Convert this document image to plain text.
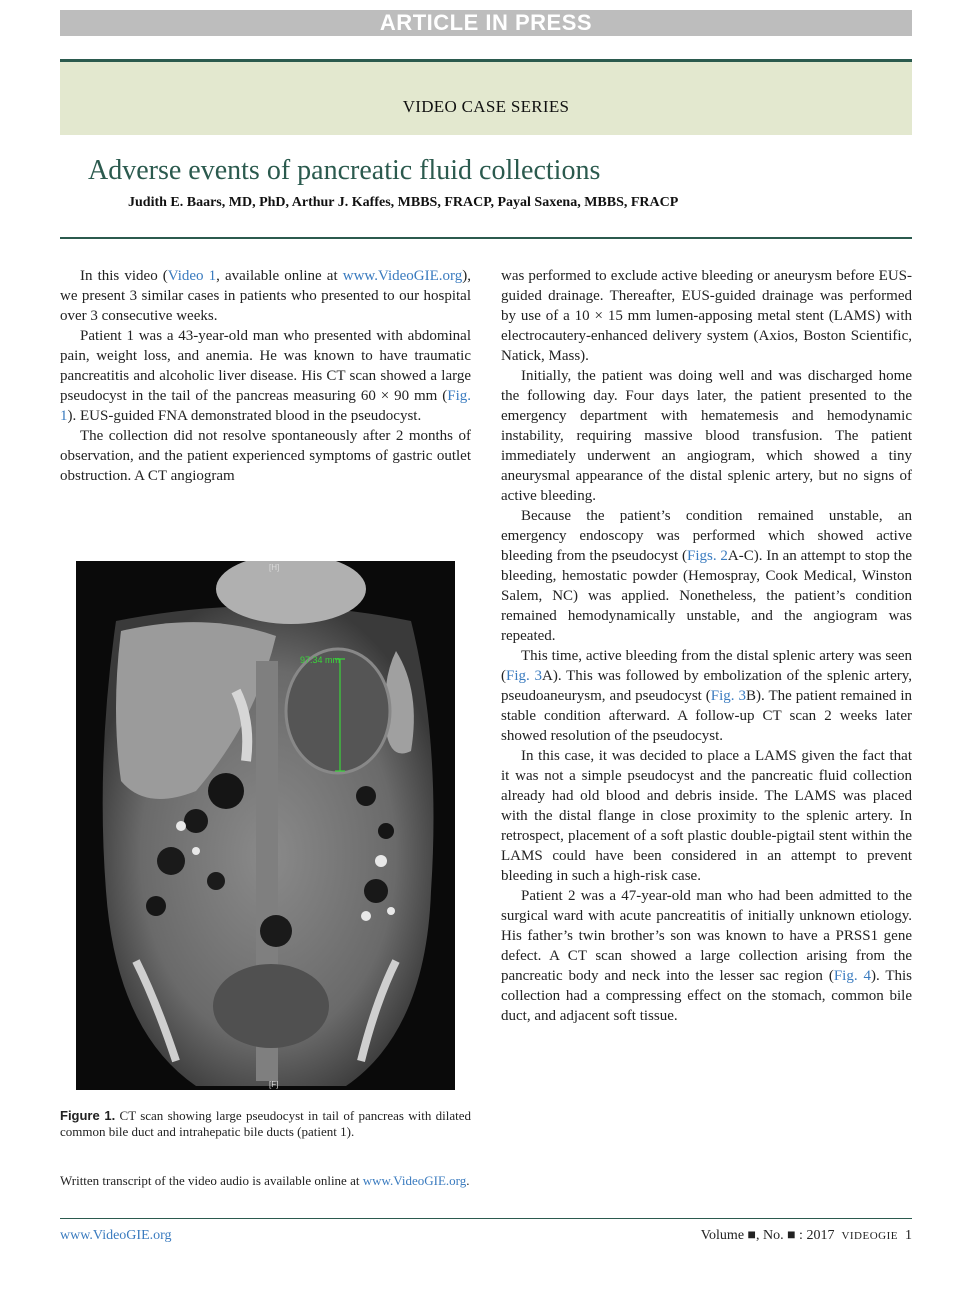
ARTICLE IN PRESS
VIDEO CASE SERIES
Adverse events of pancreatic fluid collections
Judith E. Baars, MD, PhD, Arthur J. Kaffes, MBBS, FRACP, Payal Saxena, MBBS, FRACP

In this video (Video 1, available online at www.VideoGIE.org), we present 3 similar cases in patients who presented to our hospital over 3 consecutive weeks.

Patient 1 was a 43-year-old man who presented with abdominal pain, weight loss, and anemia. He was known to have traumatic pancreatitis and alcoholic liver disease. His CT scan showed a large pseudocyst in the tail of the pancreas measuring 60 × 90 mm (Fig. 1). EUS-guided FNA demonstrated blood in the pseudocyst.

The collection did not resolve spontaneously after 2 months of observation, and the patient experienced symptoms of gastric outlet obstruction. A CT angiogram

97.34 mm
[H]
[F]
Figure 1. CT scan showing large pseudocyst in tail of pancreas with dilated common bile duct and intrahepatic bile ducts (patient 1).

was performed to exclude active bleeding or aneurysm before EUS-guided drainage. Thereafter, EUS-guided drainage was performed by use of a 10 × 15 mm lumen-apposing metal stent (LAMS) with electrocautery-enhanced delivery system (Axios, Boston Scientific, Natick, Mass).

Initially, the patient was doing well and was discharged home the following day. Four days later, the patient presented to the emergency department with hematemesis and hemodynamic instability, requiring massive blood transfusion. The patient immediately underwent an angiogram, which showed a tiny aneurysmal appearance of the distal splenic artery, but no signs of active bleeding.

Because the patient’s condition remained unstable, an emergency endoscopy was performed which showed active bleeding from the pseudocyst (Figs. 2A-C). In an attempt to stop the bleeding, hemostatic powder (Hemospray, Cook Medical, Winston Salem, NC) was applied. Nonetheless, the patient’s condition remained hemodynamically unstable, and the angiogram was repeated.

This time, active bleeding from the distal splenic artery was seen (Fig. 3A). This was followed by embolization of the splenic artery, pseudoaneurysm, and pseudocyst (Fig. 3B). The patient remained in stable condition afterward. A follow-up CT scan 2 weeks later showed resolution of the pseudocyst.

In this case, it was decided to place a LAMS given the fact that it was not a simple pseudocyst and the pancreatic fluid collection already had old blood and debris inside. The LAMS was placed with the distal flange in close proximity to the splenic artery. In retrospect, placement of a soft plastic double-pigtail stent within the LAMS could have been considered in an attempt to prevent bleeding in such a high-risk case.

Patient 2 was a 47-year-old man who had been admitted to the surgical ward with acute pancreatitis of initially unknown etiology. His father’s twin brother’s son was known to have a PRSS1 gene defect. A CT scan showed a large collection arising from the pancreatic body and neck into the lesser sac region (Fig. 4). This collection had a compressing effect on the stomach, common bile duct, and adjacent soft tissue.

Written transcript of the video audio is available online at www.VideoGIE.org.
www.VideoGIE.org	Volume ■, No. ■ : 2017 VIDEOGIE 1
